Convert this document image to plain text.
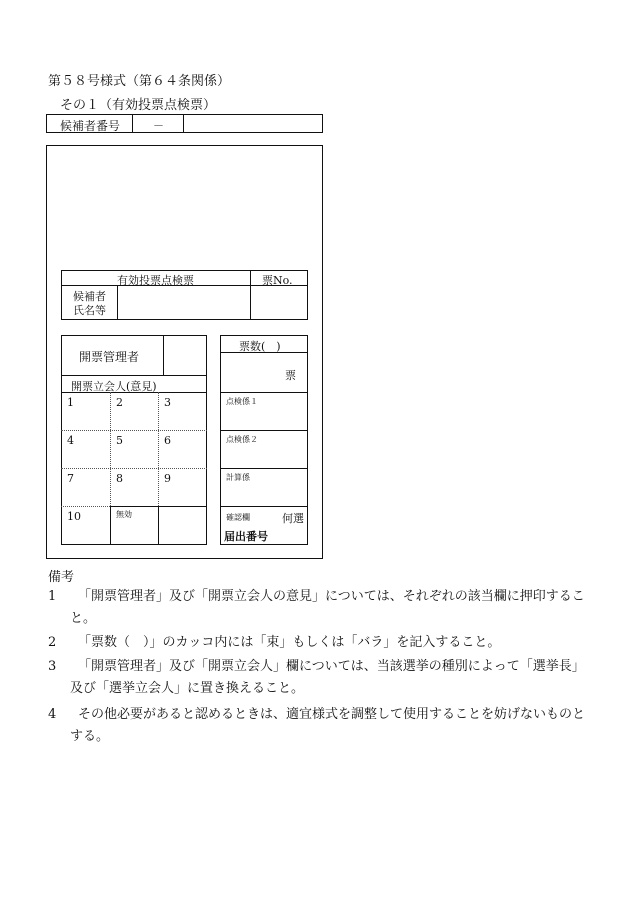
第５８号様式（第６４条関係）
その１（有効投票点検票）
候補者番号	－
有効投票点検票	票No.
候補者
氏名等
開票管理者
開票立会人(意見)
1	2	3
4	5	6
7	8	9
10	無効
票数(　)
票
点検係１
点検係２
計算係
確認欄	何選
届出番号
備考
1	「開票管理者」及び「開票立会人の意見」については、それぞれの該当欄に押印すること。
2	「票数（　）」のカッコ内には「束」もしくは「バラ」を記入すること。
3	「開票管理者」及び「開票立会人」欄については、当該選挙の種別によって「選挙長」及び「選挙立会人」に置き換えること。
4	その他必要があると認めるときは、適宜様式を調整して使用することを妨げないものとする。
